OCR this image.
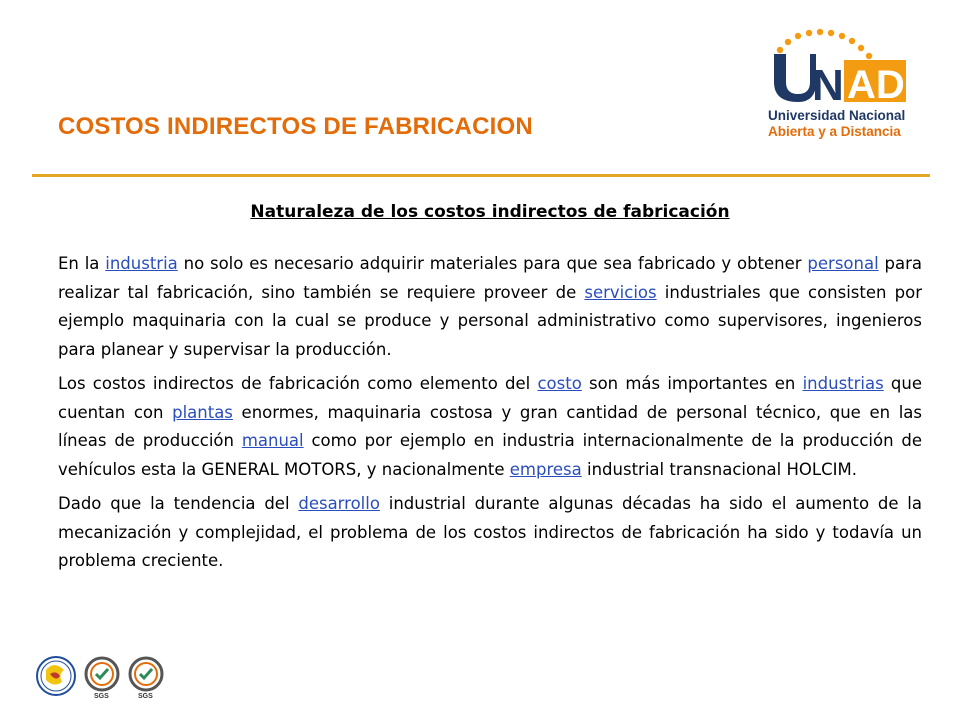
COSTOS INDIRECTOS DE FABRICACION
N AD
Universidad Nacional
Abierta y a Distancia

Naturaleza de los costos indirectos de fabricación

En la industria no solo es necesario adquirir materiales para que sea fabricado y obtener personal para realizar tal fabricación, sino también se requiere proveer de servicios industriales que consisten por ejemplo maquinaria con la cual se produce y personal administrativo como supervisores, ingenieros para planear y supervisar la producción.

Los costos indirectos de fabricación como elemento del costo son más importantes en industrias que cuentan con plantas enormes, maquinaria costosa y gran cantidad de personal técnico, que en las líneas de producción manual como por ejemplo en industria internacionalmente de la producción de vehículos esta la GENERAL MOTORS, y nacionalmente empresa industrial transnacional HOLCIM.

Dado que la tendencia del desarrollo industrial durante algunas décadas ha sido el aumento de la mecanización y complejidad, el problema de los costos indirectos de fabricación ha sido y todavía un problema creciente.

SGS	SGS
